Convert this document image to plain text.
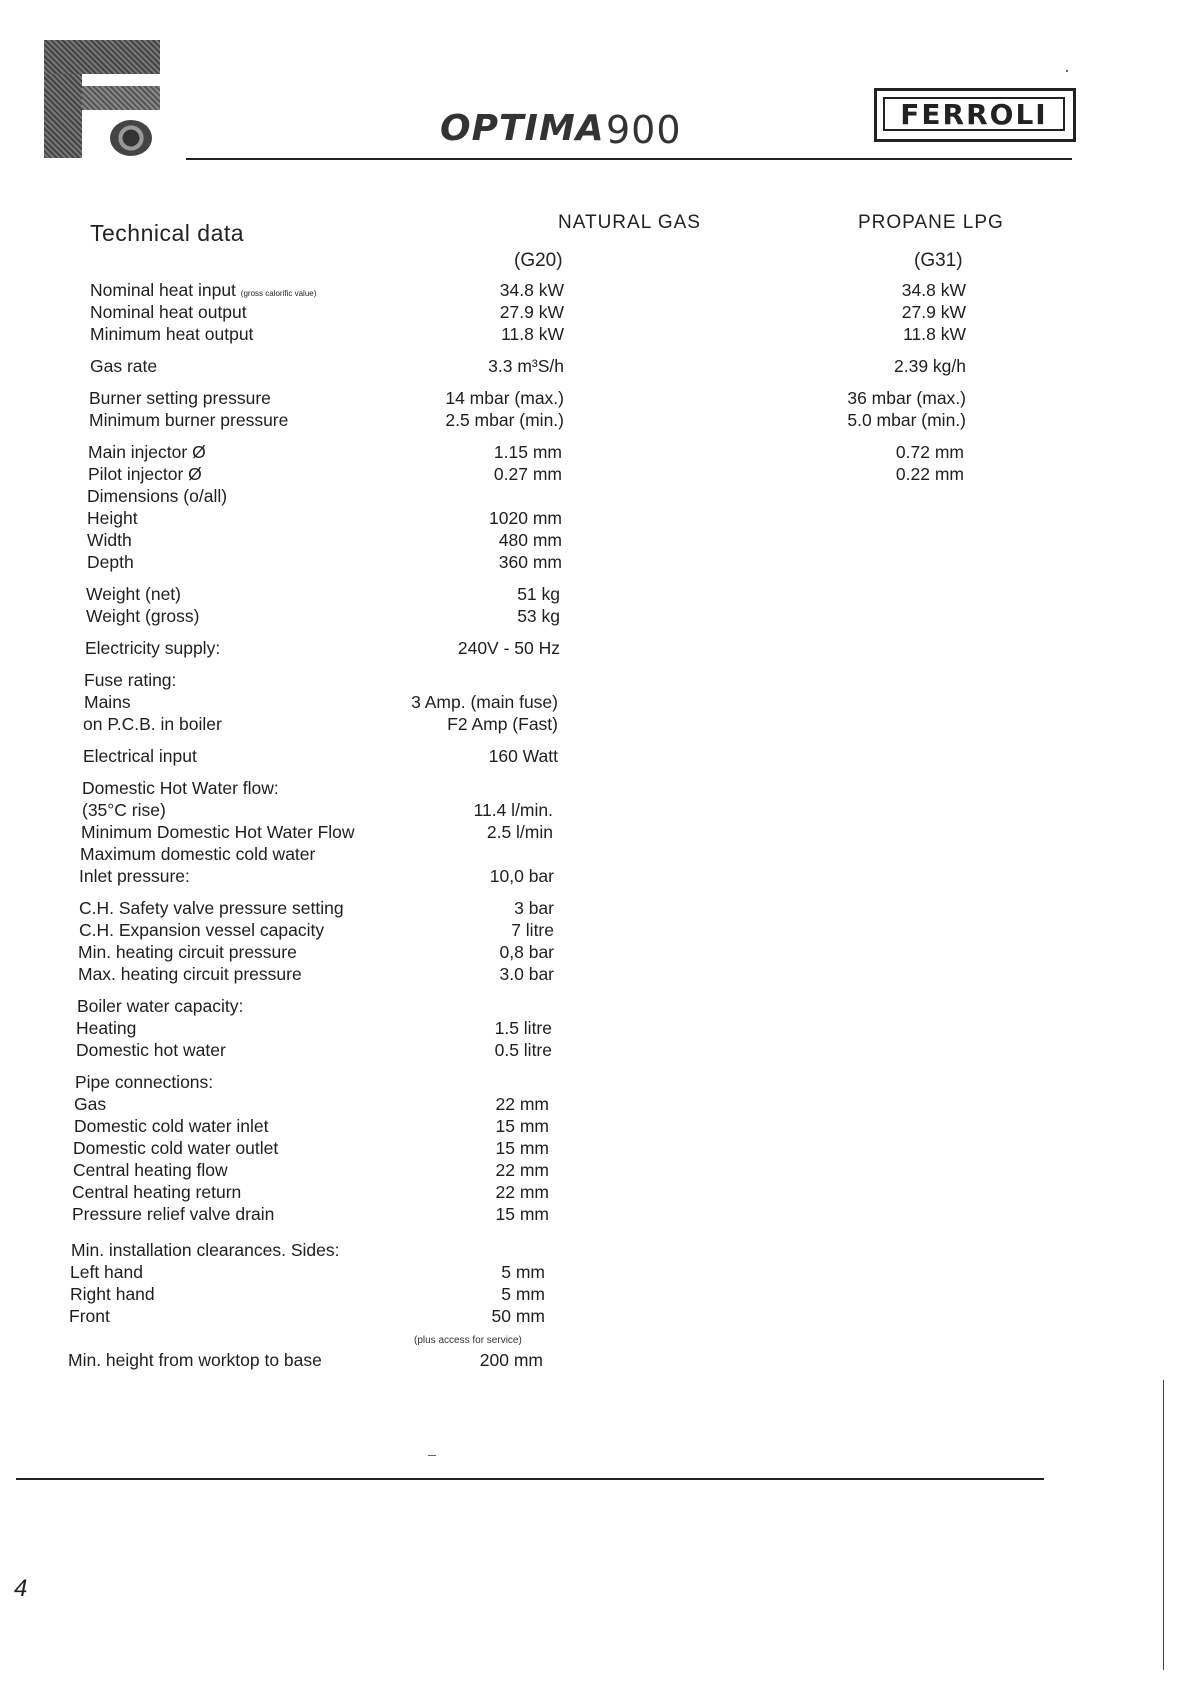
OPTIMA 900	FERROLI
Technical data	NATURAL GAS	PROPANE LPG
(G20)	(G31)
Nominal heat input (gross calorific value)	34.8 kW	34.8 kW
Nominal heat output	27.9 kW	27.9 kW
Minimum heat output	11.8 kW	11.8 kW
Gas rate	3.3 m³S/h	2.39 kg/h
Burner setting pressure	14 mbar (max.)	36 mbar (max.)
Minimum burner pressure	2.5 mbar (min.)	5.0 mbar (min.)
Main injector Ø	1.15 mm	0.72 mm
Pilot injector Ø	0.27 mm	0.22 mm
Dimensions (o/all)
Height	1020 mm
Width	480 mm
Depth	360 mm
Weight (net)	51 kg
Weight (gross)	53 kg
Electricity supply:	240V - 50 Hz
Fuse rating:
Mains	3 Amp. (main fuse)
on P.C.B. in boiler	F2 Amp (Fast)
Electrical input	160 Watt
Domestic Hot Water flow:
(35°C rise)	11.4 l/min.
Minimum Domestic Hot Water Flow	2.5 l/min
Maximum domestic cold water
Inlet pressure:	10,0 bar
C.H. Safety valve pressure setting	3 bar
C.H. Expansion vessel capacity	7 litre
Min. heating circuit pressure	0,8 bar
Max. heating circuit pressure	3.0 bar
Boiler water capacity:
Heating	1.5 litre
Domestic hot water	0.5 litre
Pipe connections:
Gas	22 mm
Domestic cold water inlet	15 mm
Domestic cold water outlet	15 mm
Central heating flow	22 mm
Central heating return	22 mm
Pressure relief valve drain	15 mm
Min. installation clearances. Sides:
Left hand	5 mm
Right hand	5 mm
Front	50 mm
(plus access for service)
Min. height from worktop to base	200 mm
4
